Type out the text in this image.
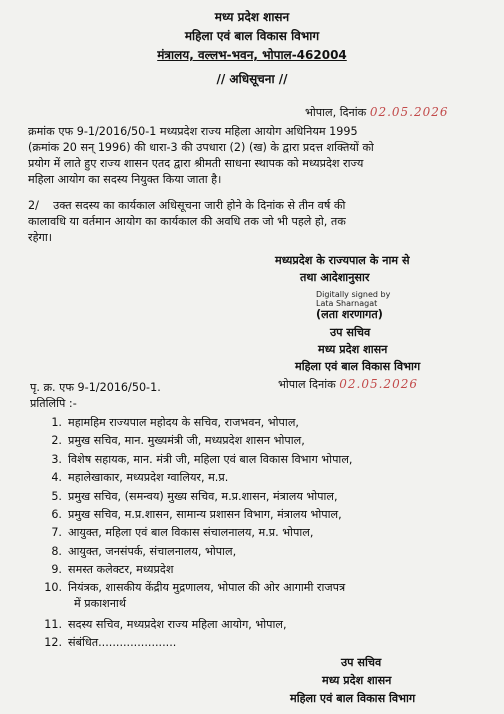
मध्य प्रदेश शासन
महिला एवं बाल विकास विभाग
मंत्रालय, वल्लभ-भवन, भोपाल-462004
// अधिसूचना //
भोपाल, दिनांक 02.05.2026
क्रमांक एफ 9-1/2016/50-1 मध्यप्रदेश राज्य महिला आयोग अधिनियम 1995
(क्रमांक 20 सन् 1996) की धारा-3 की उपधारा (2) (ख) के द्वारा प्रदत्त शक्तियों को
प्रयोग में लाते हुए राज्य शासन एतद द्वारा श्रीमती साधना स्थापक को मध्यप्रदेश राज्य
महिला आयोग का सदस्य नियुक्त किया जाता है।
2/    उक्त सदस्य का कार्यकाल अधिसूचना जारी होने के दिनांक से तीन वर्ष की
कालावधि या वर्तमान आयोग का कार्यकाल की अवधि तक जो भी पहले हो, तक
रहेगा।
मध्यप्रदेश के राज्यपाल के नाम से
तथा आदेशानुसार
Digitally signed by
Lata Sharnagat
(लता शरणागत)
उप सचिव
मध्य प्रदेश शासन
महिला एवं बाल विकास विभाग
पृ. क्र. एफ 9-1/2016/50-1.	भोपाल दिनांक 02.05.2026
प्रतिलिपि :-
1. महामहिम राज्यपाल महोदय के सचिव, राजभवन, भोपाल,
2. प्रमुख सचिव, मान. मुख्यमंत्री जी, मध्यप्रदेश शासन भोपाल,
3. विशेष सहायक, मान. मंत्री जी, महिला एवं बाल विकास विभाग भोपाल,
4. महालेखाकार, मध्यप्रदेश ग्वालियर, म.प्र.
5. प्रमुख सचिव, (समन्वय) मुख्य सचिव, म.प्र.शासन, मंत्रालय भोपाल,
6. प्रमुख सचिव, म.प्र.शासन, सामान्य प्रशासन विभाग, मंत्रालय भोपाल,
7. आयुक्त, महिला एवं बाल विकास संचालनालय, म.प्र. भोपाल,
8. आयुक्त, जनसंपर्क, संचालनालय, भोपाल,
9. समस्त कलेक्टर, मध्यप्रदेश
10. नियंत्रक, शासकीय केंद्रीय मुद्रणालय, भोपाल की ओर आगामी राजपत्र
में प्रकाशनार्थ
11. सदस्य सचिव, मध्यप्रदेश राज्य महिला आयोग, भोपाल,
12. संबंधित......................
उप सचिव
मध्य प्रदेश शासन
महिला एवं बाल विकास विभाग
